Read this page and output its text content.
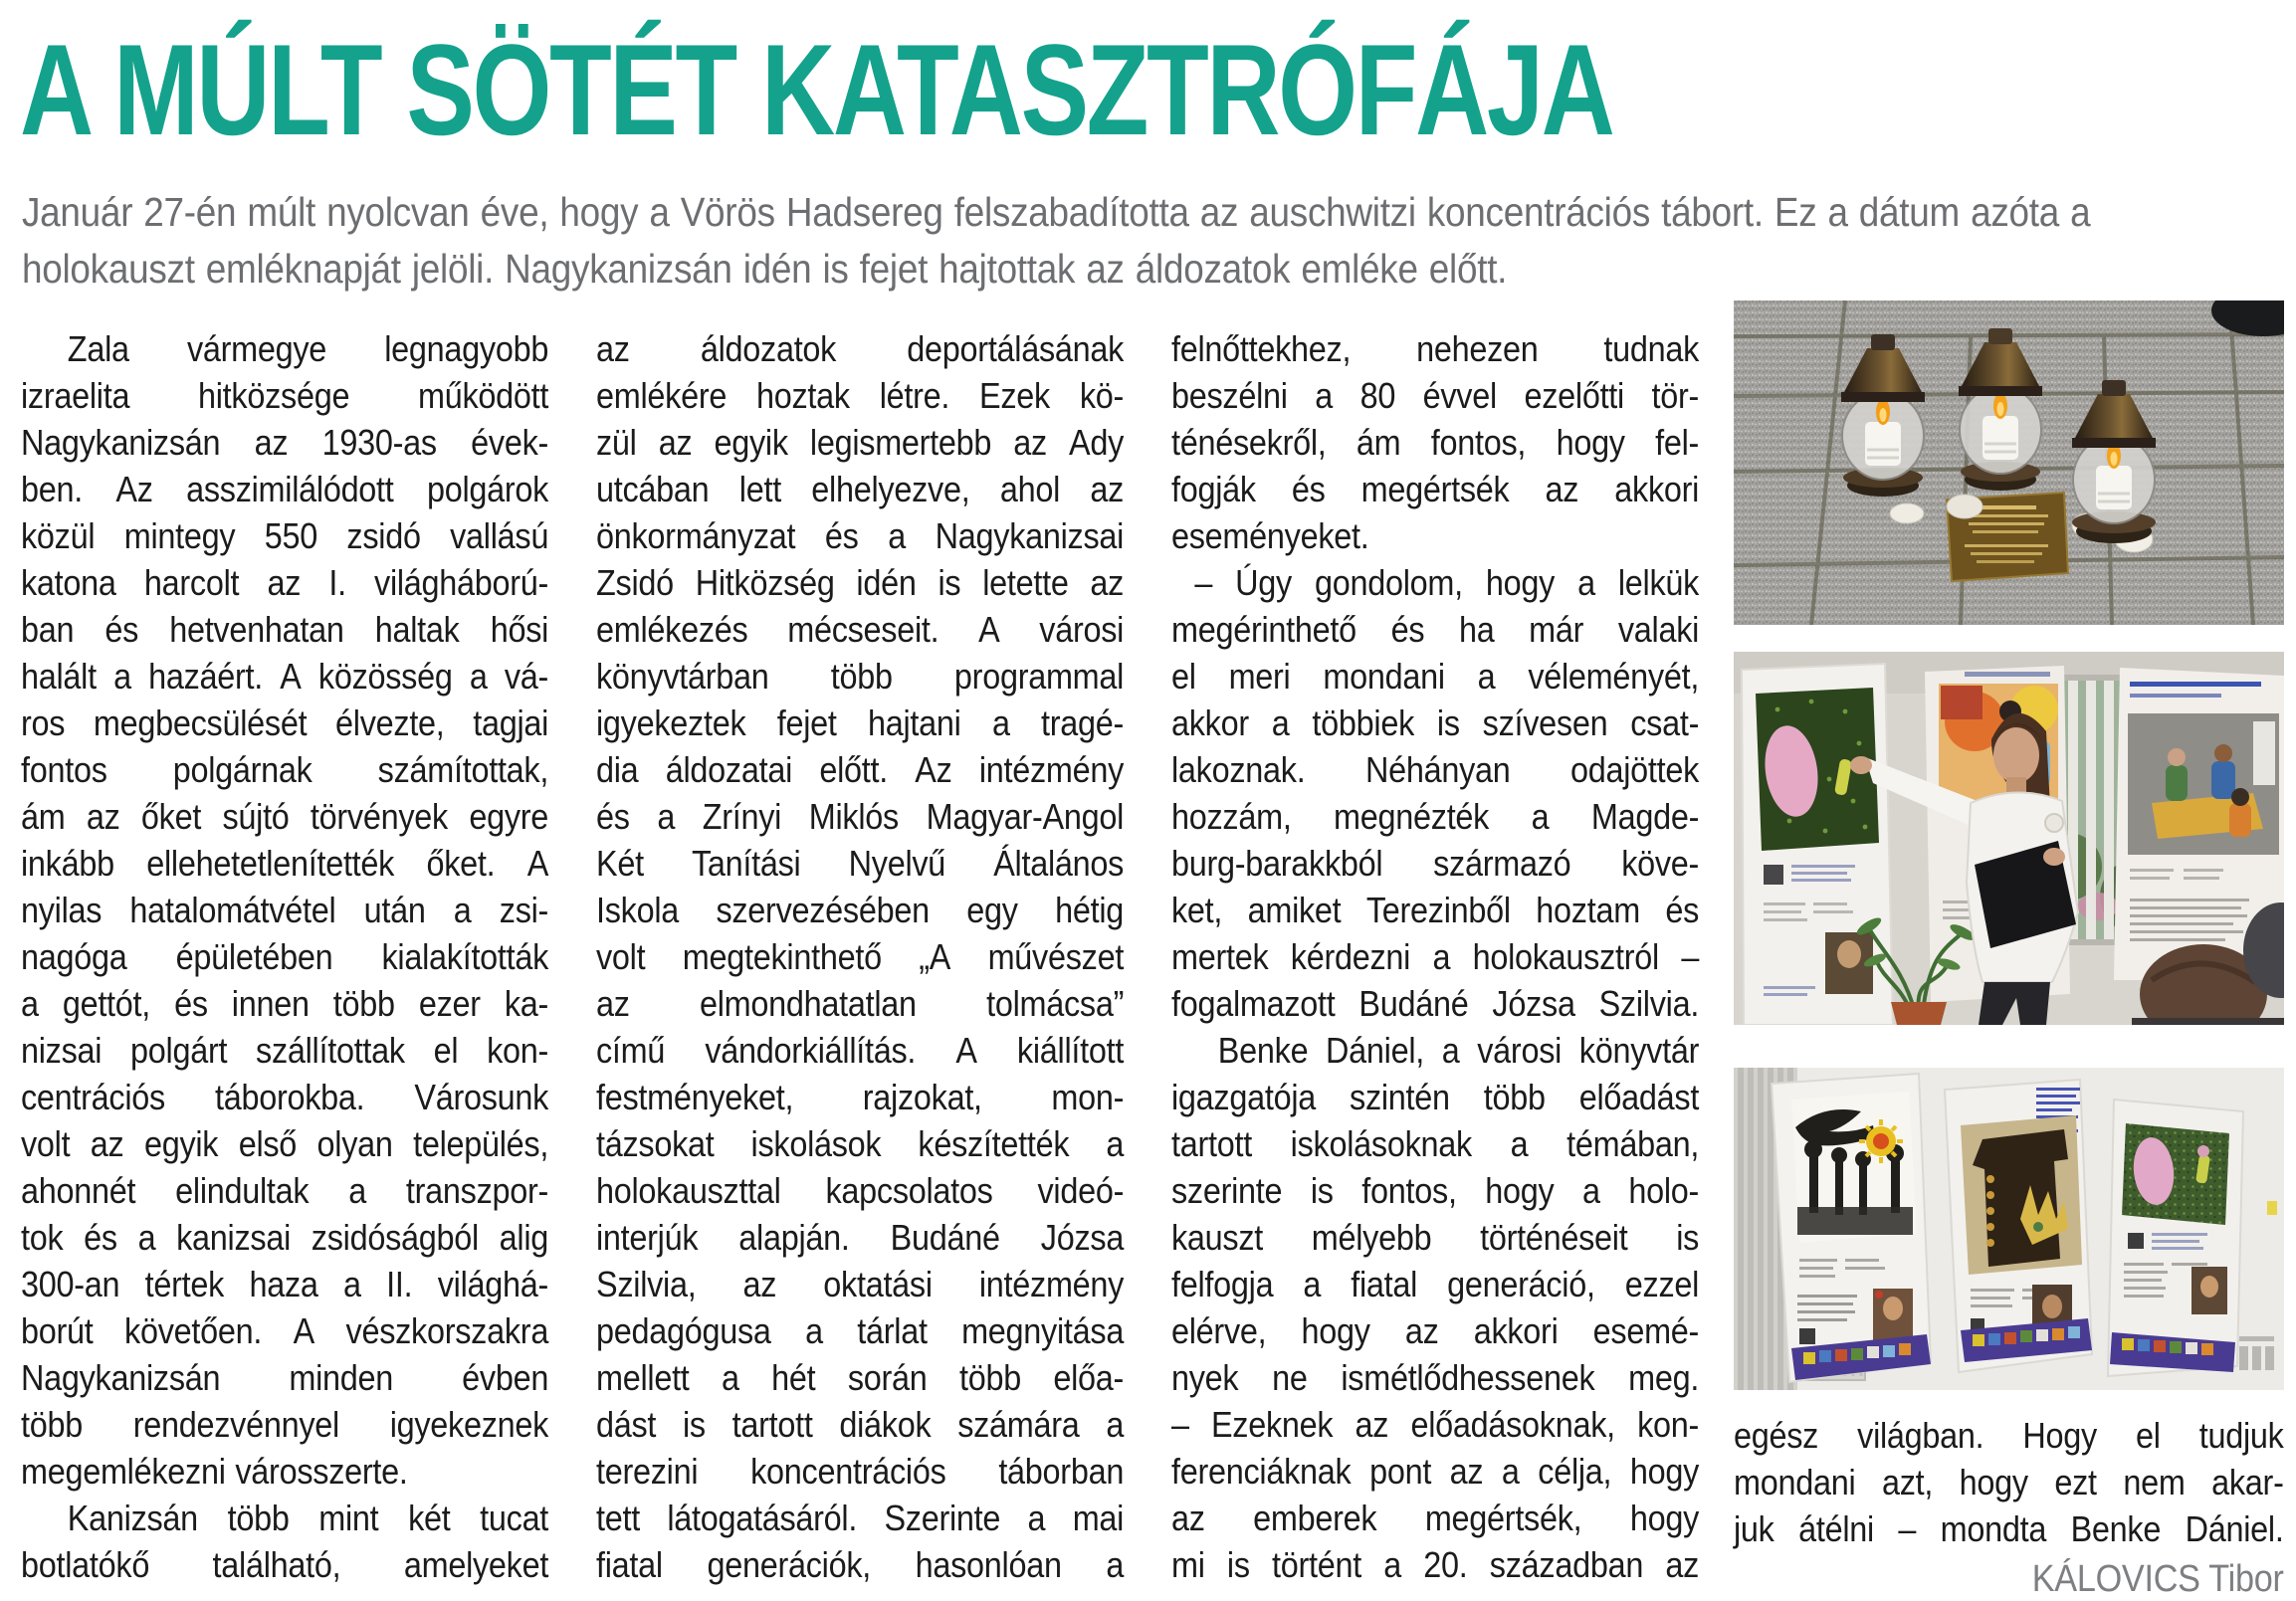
A MÚLT SÖTÉT KATASZTRÓFÁJA
Január 27-én múlt nyolcvan éve, hogy a Vörös Hadsereg felszabadította az auschwitzi koncentrációs tábort. Ez a dátum azóta a
holokauszt emléknapját jelöli. Nagykanizsán idén is fejet hajtottak az áldozatok emléke előtt.
Zala vármegye legnagyobb
izraelita hitközsége működött
Nagykanizsán az 1930-as évek-
ben. Az asszimilálódott polgárok
közül mintegy 550 zsidó vallású
katona harcolt az I. világháború-
ban és hetvenhatan haltak hősi
halált a hazáért. A közösség a vá-
ros megbecsülését élvezte, tagjai
fontos polgárnak számítottak,
ám az őket sújtó törvények egyre
inkább ellehetetlenítették őket. A
nyilas hatalomátvétel után a zsi-
nagóga épületében kialakították
a gettót, és innen több ezer ka-
nizsai polgárt szállítottak el kon-
centrációs táborokba. Városunk
volt az egyik első olyan település,
ahonnét elindultak a transzpor-
tok és a kanizsai zsidóságból alig
300-an tértek haza a II. világhá-
borút követően. A vészkorszakra
Nagykanizsán minden évben
több rendezvénnyel igyekeznek
megemlékezni városszerte.
Kanizsán több mint két tucat
botlatókő található, amelyeket
az áldozatok deportálásának
emlékére hoztak létre. Ezek kö-
zül az egyik legismertebb az Ady
utcában lett elhelyezve, ahol az
önkormányzat és a Nagykanizsai
Zsidó Hitközség idén is letette az
emlékezés mécseseit. A városi
könyvtárban több programmal
igyekeztek fejet hajtani a tragé-
dia áldozatai előtt. Az intézmény
és a Zrínyi Miklós Magyar-Angol
Két Tanítási Nyelvű Általános
Iskola szervezésében egy hétig
volt megtekinthető „A művészet
az elmondhatatlan tolmácsa”
című vándorkiállítás. A kiállított
festményeket, rajzokat, mon-
tázsokat iskolások készítették a
holokauszttal kapcsolatos videó-
interjúk alapján. Budáné Józsa
Szilvia, az oktatási intézmény
pedagógusa a tárlat megnyitása
mellett a hét során több előa-
dást is tartott diákok számára a
terezini koncentrációs táborban
tett látogatásáról. Szerinte a mai
fiatal generációk, hasonlóan a
felnőttekhez, nehezen tudnak
beszélni a 80 évvel ezelőtti tör-
ténésekről, ám fontos, hogy fel-
fogják és megértsék az akkori
eseményeket.
– Úgy gondolom, hogy a lelkük
megérinthető és ha már valaki
el meri mondani a véleményét,
akkor a többiek is szívesen csat-
lakoznak. Néhányan odajöttek
hozzám, megnézték a Magde-
burg-barakkból származó köve-
ket, amiket Terezinből hoztam és
mertek kérdezni a holokausztról –
fogalmazott Budáné Józsa Szilvia.
Benke Dániel, a városi könyvtár
igazgatója szintén több előadást
tartott iskolásoknak a témában,
szerinte is fontos, hogy a holo-
kauszt mélyebb történéseit is
felfogja a fiatal generáció, ezzel
elérve, hogy az akkori esemé-
nyek ne ismétlődhessenek meg.
– Ezeknek az előadásoknak, kon-
ferenciáknak pont az a célja, hogy
az emberek megértsék, hogy
mi is történt a 20. században az
egész világban. Hogy el tudjuk
mondani azt, hogy ezt nem akar-
juk átélni – mondta Benke Dániel.
KÁLOVICS Tibor
